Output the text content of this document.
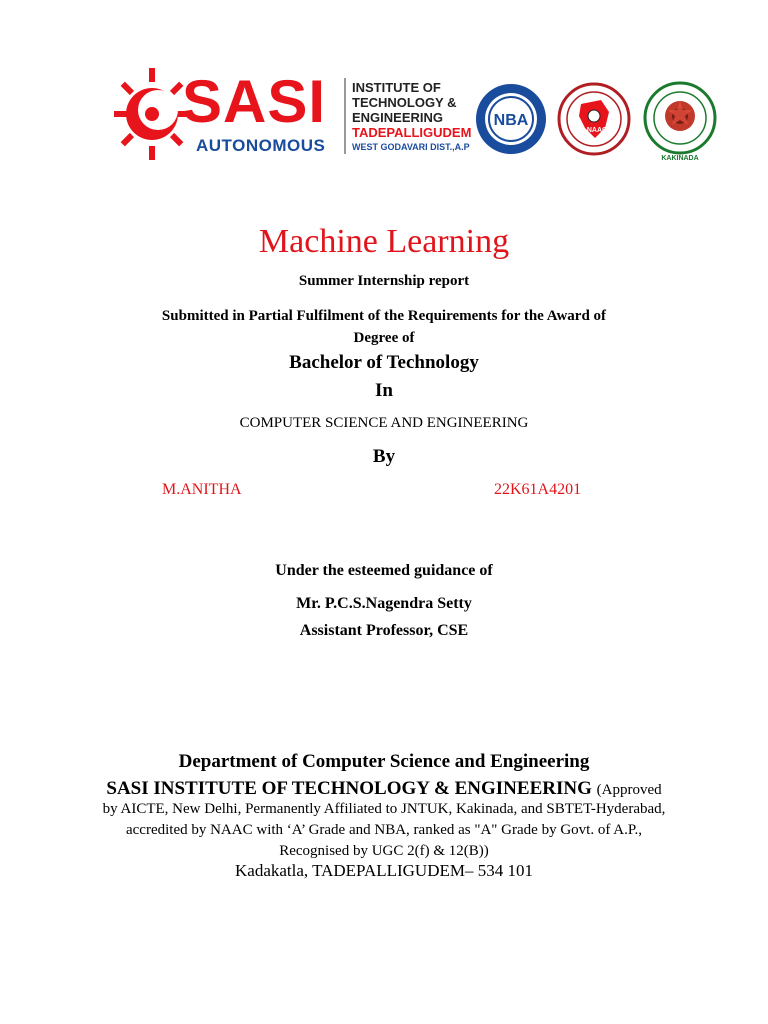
SASI
AUTONOMOUS
INSTITUTE OF
TECHNOLOGY &
ENGINEERING
TADEPALLIGUDEM
WEST GODAVARI DIST.,A.P
NBA
NAAC
KAKINADA
Machine Learning
Summer Internship report
Submitted in Partial Fulfilment of the Requirements for the Award of
Degree of
Bachelor of Technology
In
COMPUTER SCIENCE AND ENGINEERING
By
M.ANITHA	22K61A4201
Under the esteemed guidance of
Mr. P.C.S.Nagendra Setty
Assistant Professor, CSE
Department of Computer Science and Engineering
SASI INSTITUTE OF TECHNOLOGY & ENGINEERING (Approved
by AICTE, New Delhi, Permanently Affiliated to JNTUK, Kakinada, and SBTET-Hyderabad,
accredited by NAAC with ‘A’ Grade and NBA, ranked as "A" Grade by Govt. of A.P.,
Recognised by UGC 2(f) & 12(B))
Kadakatla, TADEPALLIGUDEM– 534 101
